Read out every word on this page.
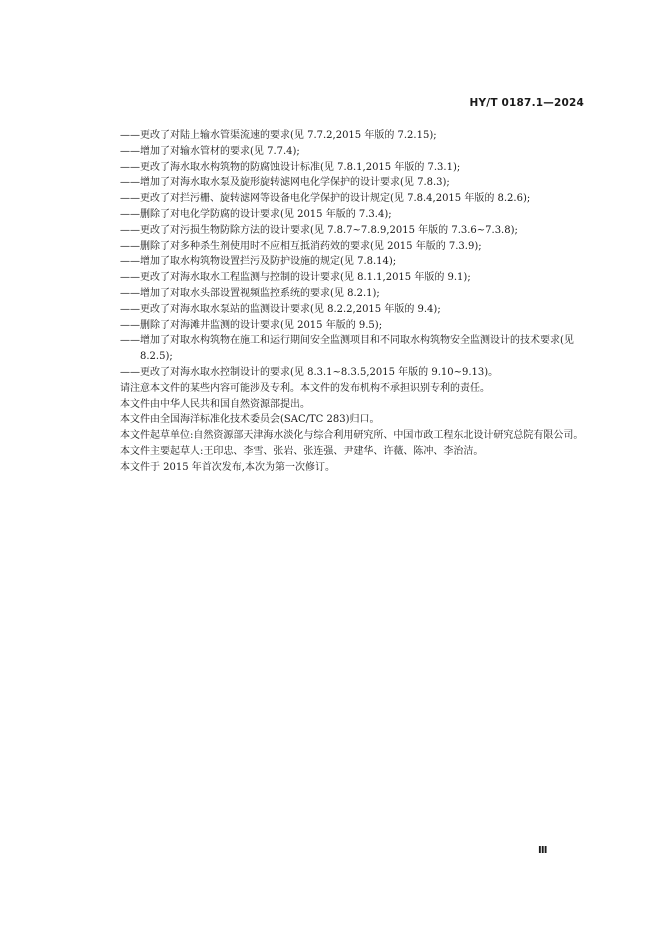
HY/T 0187.1—2024
—— 更改了对陆上输水管渠流速的要求(见 7.7.2,2015 年版的 7.2.15);
—— 增加了对输水管材的要求(见 7.7.4);
—— 更改了海水取水构筑物的防腐蚀设计标准(见 7.8.1,2015 年版的 7.3.1);
—— 增加了对海水取水泵及旋形旋转滤网电化学保护的设计要求(见 7.8.3);
—— 更改了对拦污栅、旋转滤网等设备电化学保护的设计规定(见 7.8.4,2015 年版的 8.2.6);
—— 删除了对电化学防腐的设计要求(见 2015 年版的 7.3.4);
—— 更改了对污损生物防除方法的设计要求(见 7.8.7~7.8.9,2015 年版的 7.3.6~7.3.8);
—— 删除了对多种杀生剂使用时不应相互抵消药效的要求(见 2015 年版的 7.3.9);
—— 增加了取水构筑物设置拦污及防护设施的规定(见 7.8.14);
—— 更改了对海水取水工程监测与控制的设计要求(见 8.1.1,2015 年版的 9.1);
—— 增加了对取水头部设置视频监控系统的要求(见 8.2.1);
—— 更改了对海水取水泵站的监测设计要求(见 8.2.2,2015 年版的 9.4);
—— 删除了对海滩井监测的设计要求(见 2015 年版的 9.5);
—— 增加了对取水构筑物在施工和运行期间安全监测项目和不同取水构筑物安全监测设计的技术要求(见 8.2.5);
—— 更改了对海水取水控制设计的要求(见 8.3.1~8.3.5,2015 年版的 9.10~9.13)。

请注意本文件的某些内容可能涉及专利。本文件的发布机构不承担识别专利的责任。

本文件由中华人民共和国自然资源部提出。

本文件由全国海洋标准化技术委员会(SAC/TC 283)归口。

本文件起草单位:自然资源部天津海水淡化与综合利用研究所、中国市政工程东北设计研究总院有限公司。

本文件主要起草人:王印忠、李雪、张岩、张连强、尹建华、许薇、陈冲、李治洁。

本文件于 2015 年首次发布,本次为第一次修订。

Ⅲ
